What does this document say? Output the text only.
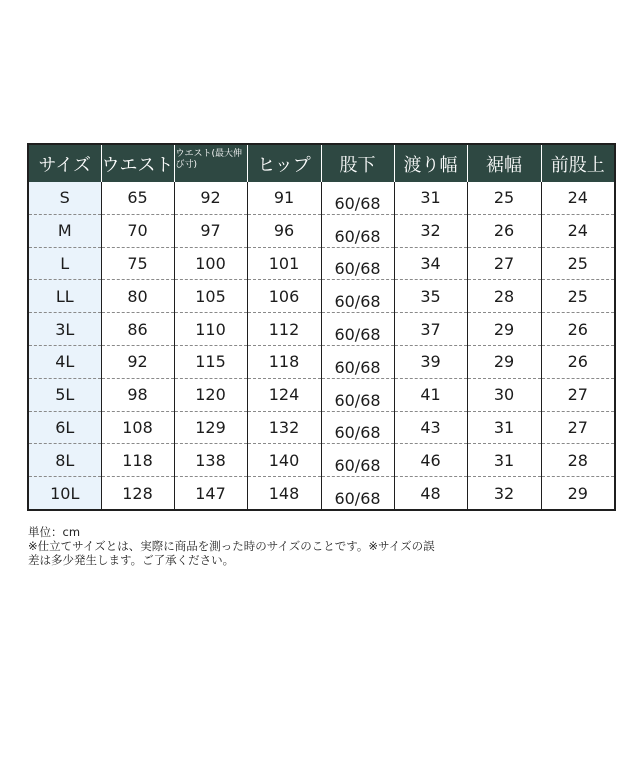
サイズ	ウエスト	ウエスト(最大伸び寸)	ヒップ	股下	渡り幅	裾幅	前股上
S	65	92	91	60/68	31	25	24
M	70	97	96	60/68	32	26	24
L	75	100	101	60/68	34	27	25
LL	80	105	106	60/68	35	28	25
3L	86	110	112	60/68	37	29	26
4L	92	115	118	60/68	39	29	26
5L	98	120	124	60/68	41	30	27
6L	108	129	132	60/68	43	31	27
8L	118	138	140	60/68	46	31	28
10L	128	147	148	60/68	48	32	29
単位：cm
※仕立てサイズとは、実際に商品を測った時のサイズのことです。※サイズの誤
差は多少発生します。ご了承ください。
